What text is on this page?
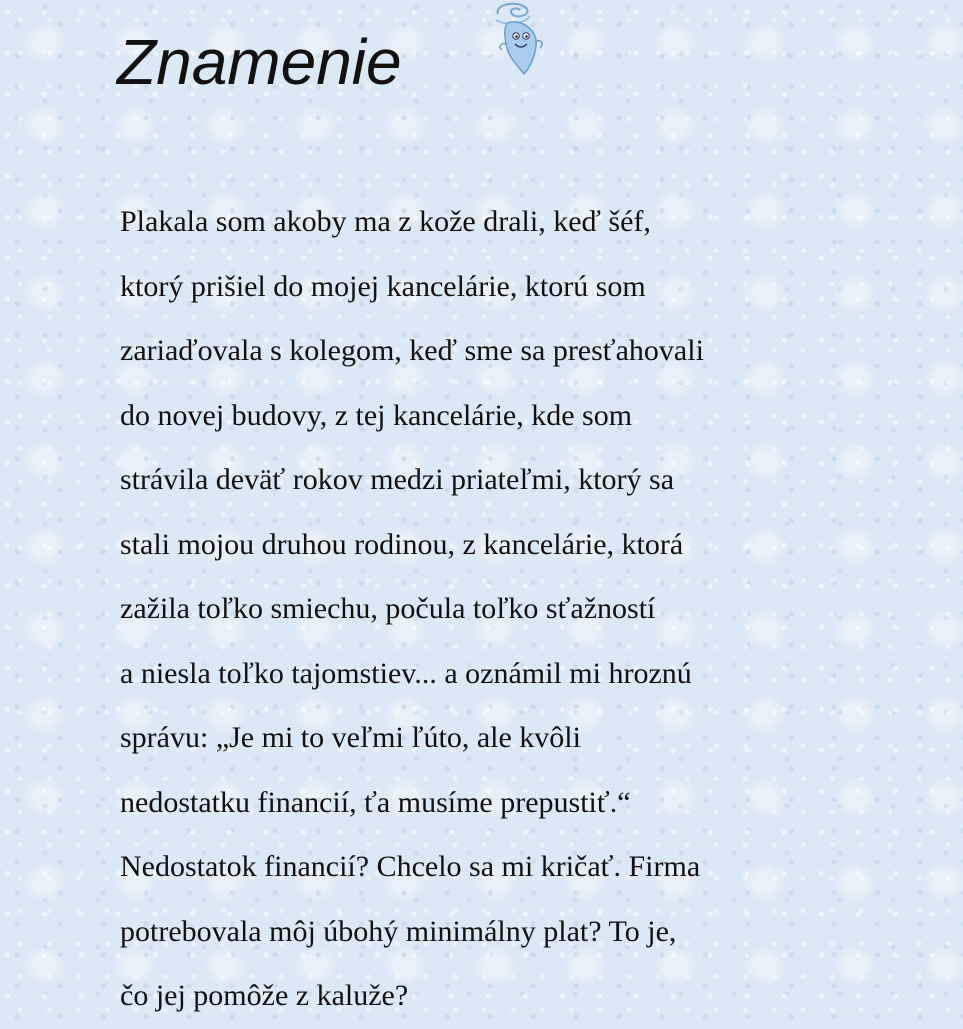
Znamenie
Plakala som akoby ma z kože drali, keď šéf,
ktorý prišiel do mojej kancelárie, ktorú som
zariaďovala s kolegom, keď sme sa presťahovali
do novej budovy, z tej kancelárie, kde som
strávila deväť rokov medzi priateľmi, ktorý sa
stali mojou druhou rodinou, z kancelárie, ktorá
zažila toľko smiechu, počula toľko sťažností
a niesla toľko tajomstiev... a oznámil mi hroznú
správu: „Je mi to veľmi ľúto, ale kvôli
nedostatku financií, ťa musíme prepustiť.“
Nedostatok financií? Chcelo sa mi kričať. Firma
potrebovala môj úbohý minimálny plat? To je,
čo jej pomôže z kaluže?
